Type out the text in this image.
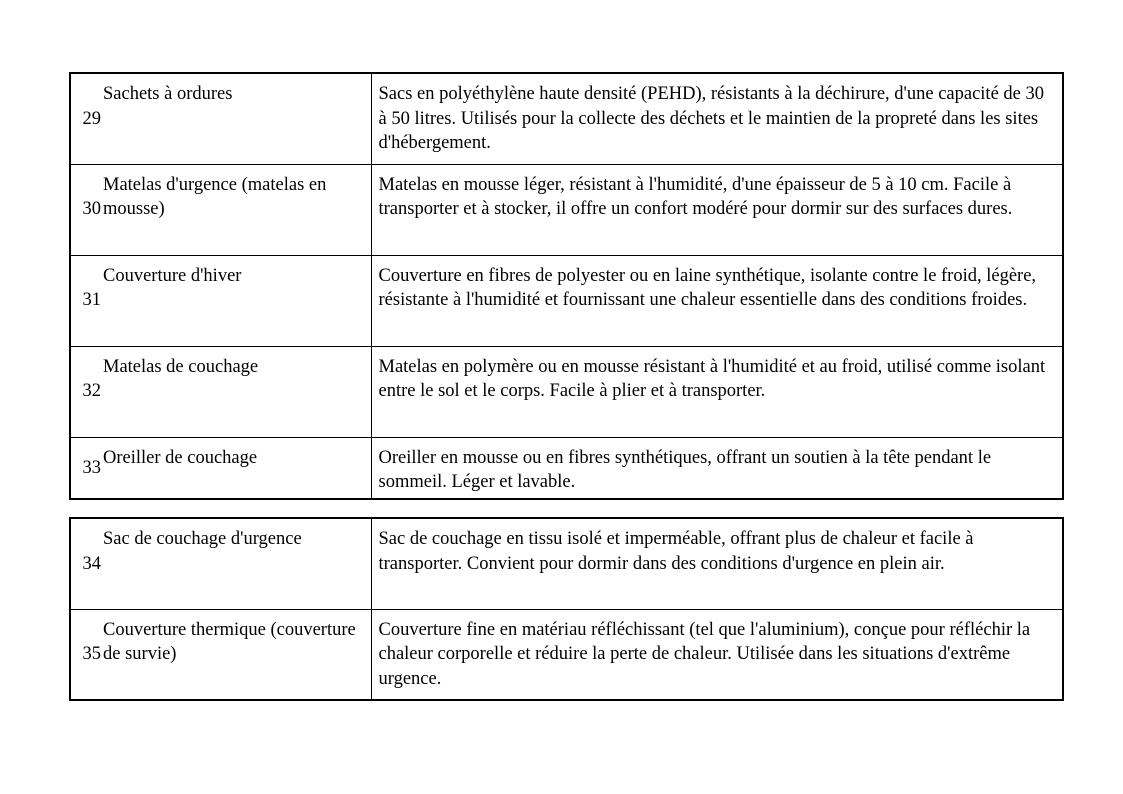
29	Sachets à ordures	Sacs en polyéthylène haute densité (PEHD), résistants à la déchirure, d'une capacité de 30 à 50 litres. Utilisés pour la collecte des déchets et le maintien de la propreté dans les sites d'hébergement.

30	Matelas d'urgence (matelas en mousse)	Matelas en mousse léger, résistant à l'humidité, d'une épaisseur de 5 à 10 cm. Facile à transporter et à stocker, il offre un confort modéré pour dormir sur des surfaces dures.

31	Couverture d'hiver	Couverture en fibres de polyester ou en laine synthétique, isolante contre le froid, légère, résistante à l'humidité et fournissant une chaleur essentielle dans des conditions froides.

32	Matelas de couchage	Matelas en polymère ou en mousse résistant à l'humidité et au froid, utilisé comme isolant entre le sol et le corps. Facile à plier et à transporter.

33	Oreiller de couchage	Oreiller en mousse ou en fibres synthétiques, offrant un soutien à la tête pendant le sommeil. Léger et lavable.
34	Sac de couchage d'urgence	Sac de couchage en tissu isolé et imperméable, offrant plus de chaleur et facile à transporter. Convient pour dormir dans des conditions d'urgence en plein air.

35	Couverture thermique (couverture de survie)	Couverture fine en matériau réfléchissant (tel que l'aluminium), conçue pour réfléchir la chaleur corporelle et réduire la perte de chaleur. Utilisée dans les situations d'extrême urgence.
